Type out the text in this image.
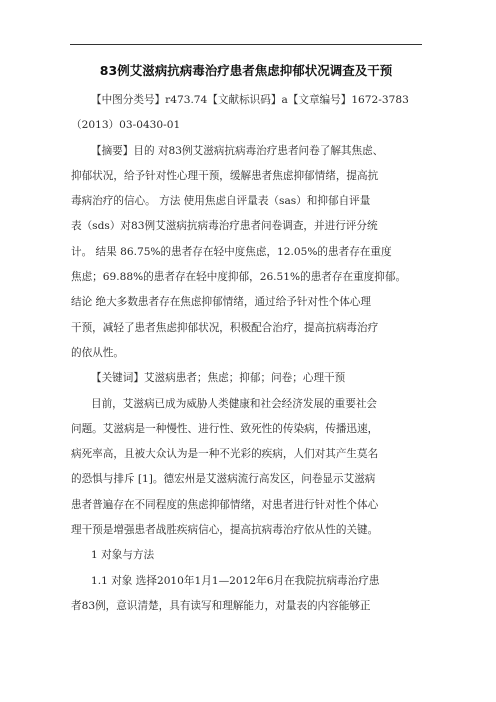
83例艾滋病抗病毒治疗患者焦虑抑郁状况调查及干预
【中图分类号】r473.74【文献标识码】a【文章编号】1672-3783
（2013）03-0430-01
【摘要】目的 对83例艾滋病抗病毒治疗患者问卷了解其焦虑、
抑郁状况，给予针对性心理干预，缓解患者焦虑抑郁情绪，提高抗
毒病治疗的信心。 方法 使用焦虑自评量表（sas）和抑郁自评量
表（sds）对83例艾滋病抗病毒治疗患者问卷调查，并进行评分统
计。 结果 86.75%的患者存在轻中度焦虑，12.05%的患者存在重度
焦虑；69.88%的患者存在轻中度抑郁，26.51%的患者存在重度抑郁。
结论 绝大多数患者存在焦虑抑郁情绪，通过给予针对性个体心理
干预，减轻了患者焦虑抑郁状况，积极配合治疗，提高抗病毒治疗
的依从性。
【关键词】艾滋病患者；焦虑；抑郁；问卷；心理干预
目前，艾滋病已成为威胁人类健康和社会经济发展的重要社会
问题。艾滋病是一种慢性、进行性、致死性的传染病，传播迅速，
病死率高，且被大众认为是一种不光彩的疾病，人们对其产生莫名
的恐惧与排斥 [1]。德宏州是艾滋病流行高发区，问卷显示艾滋病
患者普遍存在不同程度的焦虑抑郁情绪，对患者进行针对性个体心
理干预是增强患者战胜疾病信心，提高抗病毒治疗依从性的关键。
1 对象与方法
1.1 对象 选择2010年1月1—2012年6月在我院抗病毒治疗患
者83例，意识清楚，具有读写和理解能力，对量表的内容能够正
